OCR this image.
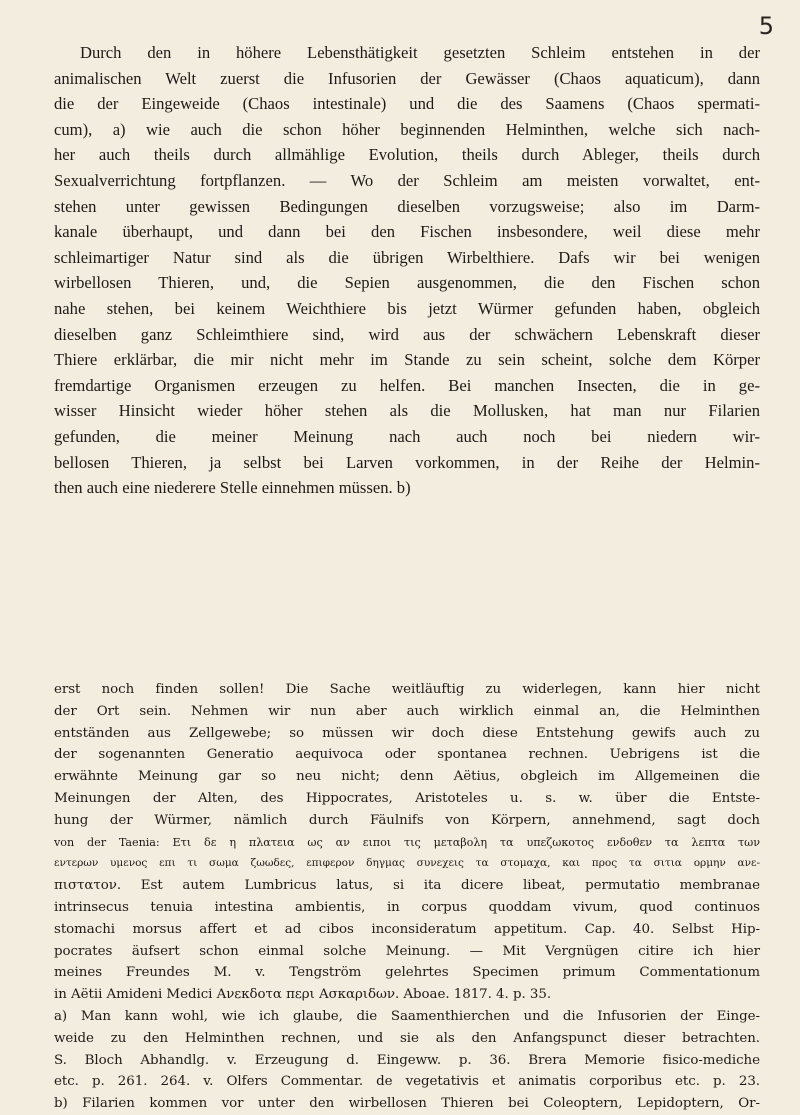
5
Durch den in höhere Lebensthätigkeit gesetzten Schleim entstehen in der
animalischen Welt zuerst die Infusorien der Gewässer (Chaos aquaticum), dann
die der Eingeweide (Chaos intestinale) und die des Saamens (Chaos spermati-
cum), a) wie auch die schon höher beginnenden Helminthen, welche sich nach-
her auch theils durch allmählige Evolution, theils durch Ableger, theils durch
Sexualverrichtung fortpflanzen. — Wo der Schleim am meisten vorwaltet, ent-
stehen unter gewissen Bedingungen dieselben vorzugsweise; also im Darm-
kanale überhaupt, und dann bei den Fischen insbesondere, weil diese mehr
schleimartiger Natur sind als die übrigen Wirbelthiere. Dafs wir bei wenigen
wirbellosen Thieren, und, die Sepien ausgenommen, die den Fischen schon
nahe stehen, bei keinem Weichthiere bis jetzt Würmer gefunden haben, obgleich
dieselben ganz Schleimthiere sind, wird aus der schwächern Lebenskraft dieser
Thiere erklärbar, die mir nicht mehr im Stande zu sein scheint, solche dem Körper
fremdartige Organismen erzeugen zu helfen. Bei manchen Insecten, die in ge-
wisser Hinsicht wieder höher stehen als die Mollusken, hat man nur Filarien
gefunden, die meiner Meinung nach auch noch bei niedern wir-
bellosen Thieren, ja selbst bei Larven vorkommen, in der Reihe der Helmin-
then auch eine niederere Stelle einnehmen müssen. b)
erst noch finden sollen! Die Sache weitläuftig zu widerlegen, kann hier nicht
der Ort sein. Nehmen wir nun aber auch wirklich einmal an, die Helminthen
entständen aus Zellgewebe; so müssen wir doch diese Entstehung gewifs auch zu
der sogenannten Generatio aequivoca oder spontanea rechnen. Uebrigens ist die
erwähnte Meinung gar so neu nicht; denn Aëtius, obgleich im Allgemeinen die
Meinungen der Alten, des Hippocrates, Aristoteles u. s. w. über die Entste-
hung der Würmer, nämlich durch Fäulnifs von Körpern, annehmend, sagt doch
von der Taenia: Ετι δε η πλατεια ως αν ειποι τις μεταβολη τα υπεζωκοτος ενδοθεν τα λεπτα των
εντερων υμενος επι τι σωμα ζωωδες, επιφερον δηγμας συνεχεις τα στομαχα, και προς τα σιτια ορμην ανε-
πιστατον. Est autem Lumbricus latus, si ita dicere libeat, permutatio membranae
intrinsecus tenuia intestina ambientis, in corpus quoddam vivum, quod continuos
stomachi morsus affert et ad cibos inconsideratum appetitum. Cap. 40. Selbst Hip-
pocrates äufsert schon einmal solche Meinung. — Mit Vergnügen citire ich hier
meines Freundes M. v. Tengström gelehrtes Specimen primum Commentationum
in Aëtii Amideni Medici Ανεκδοτα περι Ασκαριδων. Aboae. 1817. 4. p. 35.
a) Man kann wohl, wie ich glaube, die Saamenthierchen und die Infusorien der Einge-
weide zu den Helminthen rechnen, und sie als den Anfangspunct dieser betrachten.
S. Bloch Abhandlg. v. Erzeugung d. Eingeww. p. 36. Brera Memorie fisico-mediche
etc. p. 261. 264. v. Olfers Commentar. de vegetativis et animatis corporibus etc. p. 23.
b) Filarien kommen vor unter den wirbellosen Thieren bei Coleoptern, Lepidoptern, Or-
